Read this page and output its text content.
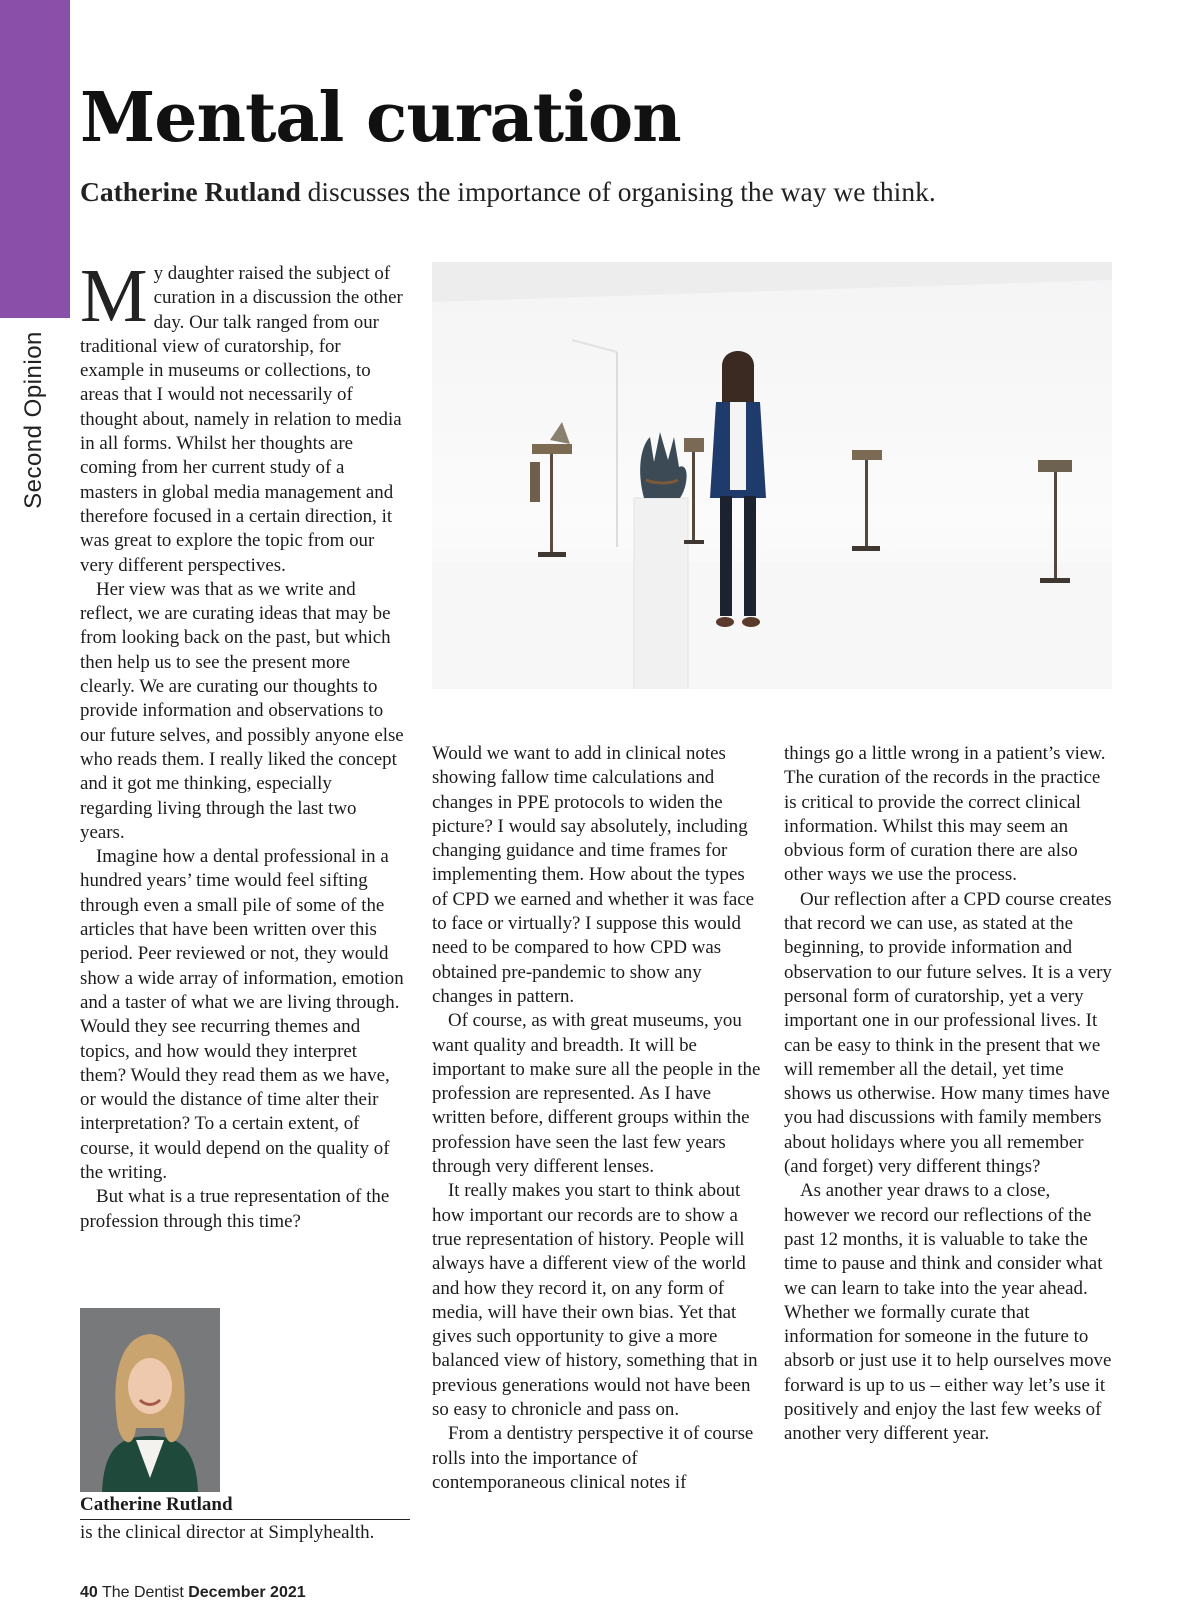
Second Opinion
Mental curation

Catherine Rutland discusses the importance of organising the way we think.

My daughter raised the subject of curation in a discussion the other day. Our talk ranged from our traditional view of curatorship, for example in museums or collections, to areas that I would not necessarily of thought about, namely in relation to media in all forms. Whilst her thoughts are coming from her current study of a masters in global media management and therefore focused in a certain direction, it was great to explore the topic from our very different perspectives.

Her view was that as we write and reflect, we are curating ideas that may be from looking back on the past, but which then help us to see the present more clearly. We are curating our thoughts to provide information and observations to our future selves, and possibly anyone else who reads them. I really liked the concept and it got me thinking, especially regarding living through the last two years.

Imagine how a dental professional in a hundred years’ time would feel sifting through even a small pile of some of the articles that have been written over this period. Peer reviewed or not, they would show a wide array of information, emotion and a taster of what we are living through. Would they see recurring themes and topics, and how would they interpret them? Would they read them as we have, or would the distance of time alter their interpretation? To a certain extent, of course, it would depend on the quality of the writing.

But what is a true representation of the profession through this time?

Would we want to add in clinical notes showing fallow time calculations and changes in PPE protocols to widen the picture? I would say absolutely, including changing guidance and time frames for implementing them. How about the types of CPD we earned and whether it was face to face or virtually? I suppose this would need to be compared to how CPD was obtained pre-pandemic to show any changes in pattern.

Of course, as with great museums, you want quality and breadth. It will be important to make sure all the people in the profession are represented. As I have written before, different groups within the profession have seen the last few years through very different lenses.

It really makes you start to think about how important our records are to show a true representation of history. People will always have a different view of the world and how they record it, on any form of media, will have their own bias. Yet that gives such opportunity to give a more balanced view of history, something that in previous generations would not have been so easy to chronicle and pass on.

From a dentistry perspective it of course rolls into the importance of contemporaneous clinical notes if

things go a little wrong in a patient’s view. The curation of the records in the practice is critical to provide the correct clinical information. Whilst this may seem an obvious form of curation there are also other ways we use the process.

Our reflection after a CPD course creates that record we can use, as stated at the beginning, to provide information and observation to our future selves. It is a very personal form of curatorship, yet a very important one in our professional lives. It can be easy to think in the present that we will remember all the detail, yet time shows us otherwise. How many times have you had discussions with family members about holidays where you all remember (and forget) very different things?

As another year draws to a close, however we record our reflections of the past 12 months, it is valuable to take the time to pause and think and consider what we can learn to take into the year ahead. Whether we formally curate that information for someone in the future to absorb or just use it to help ourselves move forward is up to us – either way let’s use it positively and enjoy the last few weeks of another very different year.

Catherine Rutland
is the clinical director at Simplyhealth.
40 The Dentist December 2021
